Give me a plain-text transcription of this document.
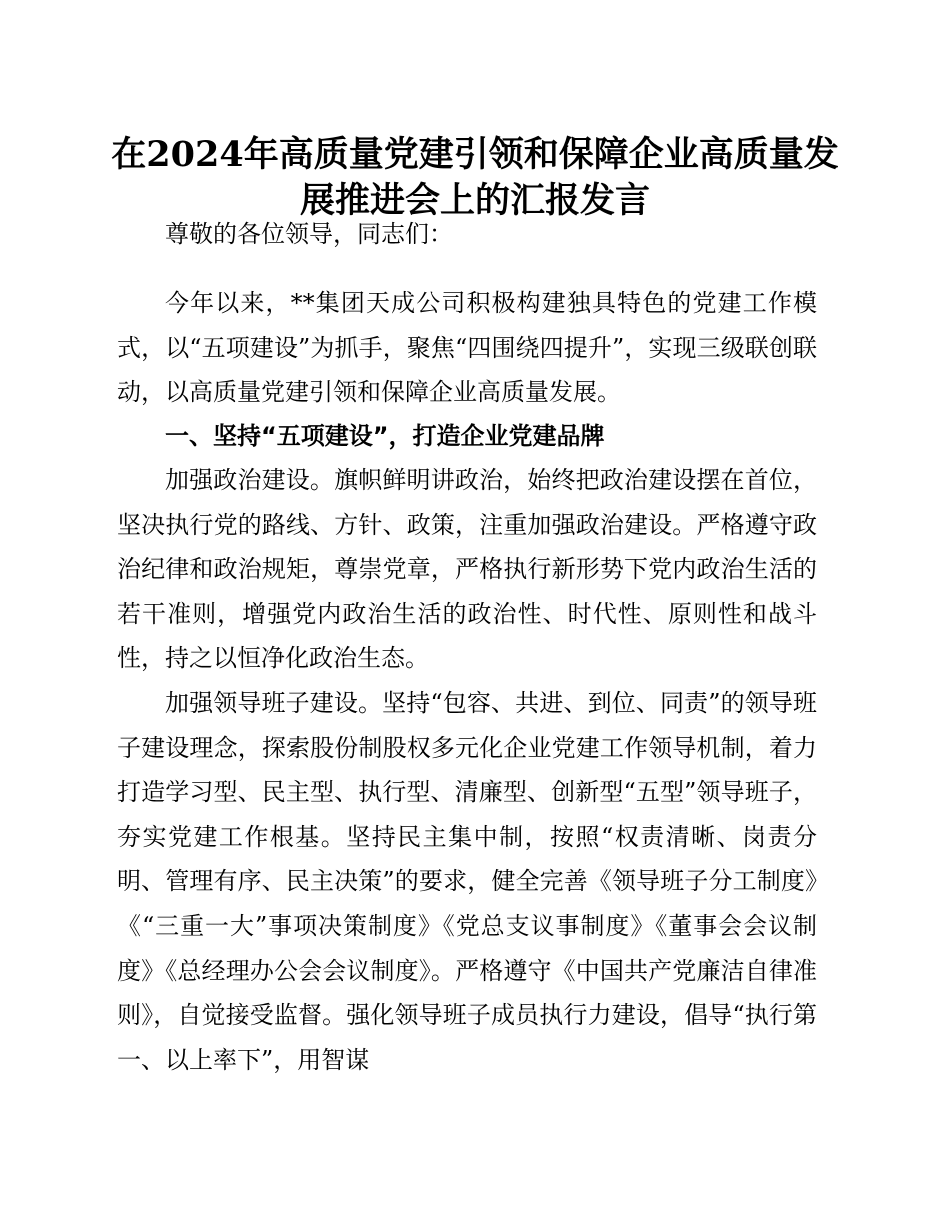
在2024年高质量党建引领和保障企业高质量发展推进会上的汇报发言

尊敬的各位领导，同志们：

今年以来，**集团天成公司积极构建独具特色的党建工作模式，以“五项建设”为抓手，聚焦“四围绕四提升”，实现三级联创联动，以高质量党建引领和保障企业高质量发展。

一、坚持“五项建设”，打造企业党建品牌

加强政治建设。旗帜鲜明讲政治，始终把政治建设摆在首位，坚决执行党的路线、方针、政策，注重加强政治建设。严格遵守政治纪律和政治规矩，尊崇党章，严格执行新形势下党内政治生活的若干准则，增强党内政治生活的政治性、时代性、原则性和战斗性，持之以恒净化政治生态。

加强领导班子建设。坚持“包容、共进、到位、同责”的领导班子建设理念，探索股份制股权多元化企业党建工作领导机制，着力打造学习型、民主型、执行型、清廉型、创新型“五型”领导班子，夯实党建工作根基。坚持民主集中制，按照“权责清晰、岗责分明、管理有序、民主决策”的要求，健全完善《领导班子分工制度》《“三重一大”事项决策制度》《党总支议事制度》《董事会会议制度》《总经理办公会会议制度》。严格遵守《中国共产党廉洁自律准则》，自觉接受监督。强化领导班子成员执行力建设，倡导“执行第一、以上率下”，用智谋
